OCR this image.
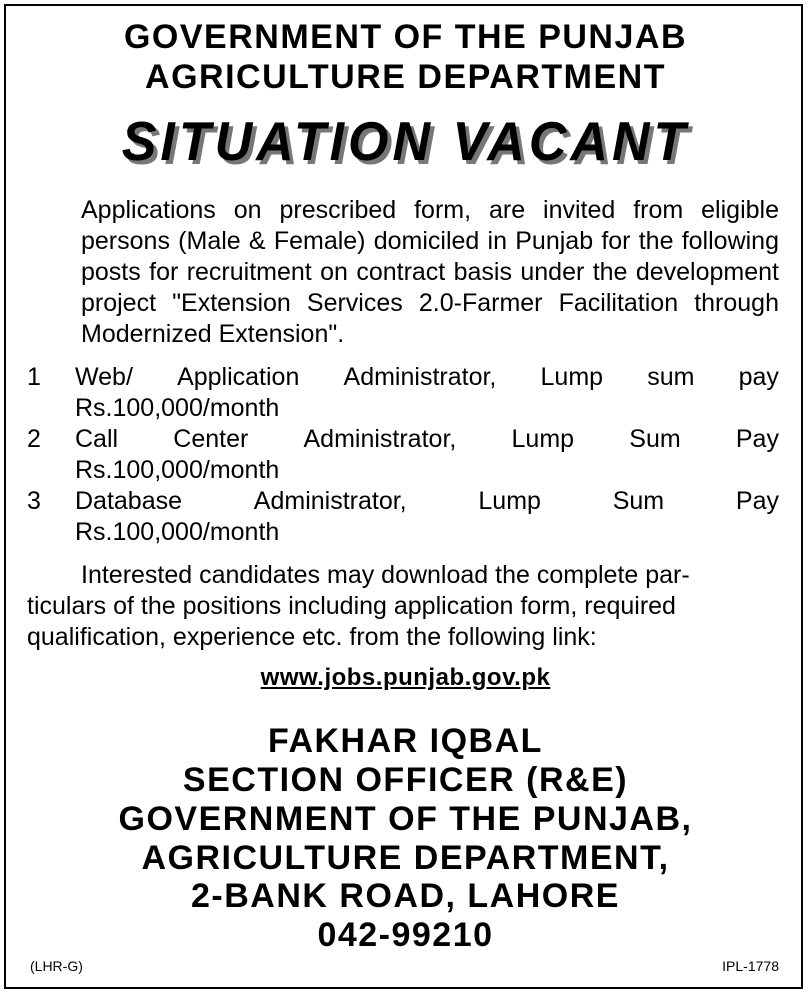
GOVERNMENT OF THE PUNJAB
AGRICULTURE DEPARTMENT
SITUATION VACANT
Applications on prescribed form, are invited from eligible persons (Male & Female) domiciled in Punjab for the following posts for recruitment on contract basis under the development project "Extension Services 2.0-Farmer Facilitation through Modernized Extension".
1	Web/ Application Administrator, Lump sum pay
Rs.100,000/month
2	Call Center Administrator, Lump Sum Pay
Rs.100,000/month
3	Database	Administrator,	Lump	Sum	Pay
Rs.100,000/month
Interested candidates may download the complete par-
ticulars of the positions including application form, required
qualification, experience etc. from the following link:
www.jobs.punjab.gov.pk
FAKHAR IQBAL
SECTION OFFICER (R&E)
GOVERNMENT OF THE PUNJAB,
AGRICULTURE DEPARTMENT,
2-BANK ROAD, LAHORE
042-99210
(LHR-G)	IPL-1778
